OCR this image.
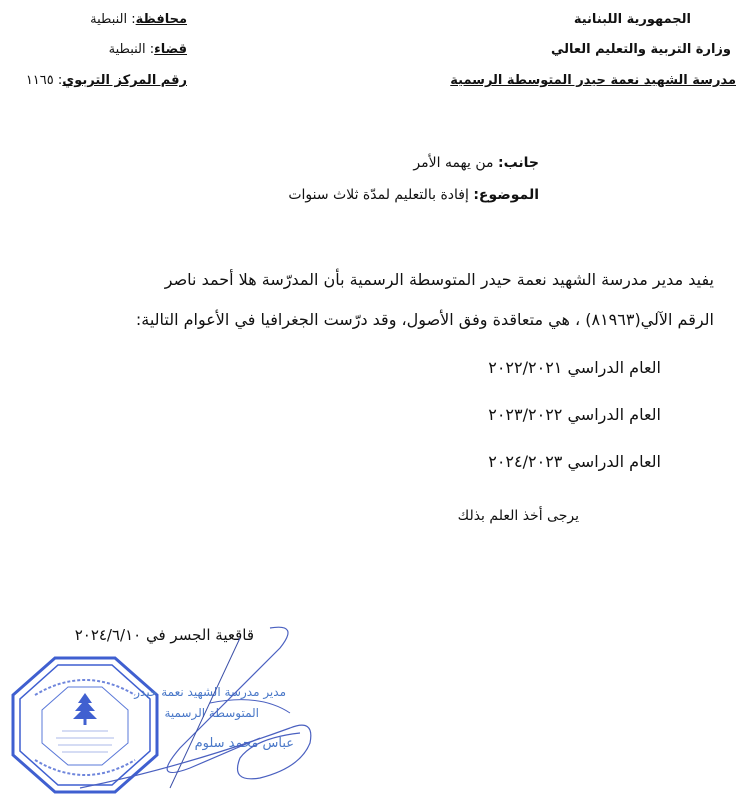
الجمهورية اللبنانية
وزارة التربية والتعليم العالي
مدرسة الشهيد نعمة حيدر المتوسطة الرسمية
محافظة: النبطية
قضاء: النبطية
رقم المركز التربوي: ١١٦٥
جانب: من يهمه الأمر
الموضوع: إفادة بالتعليم لمدّة ثلاث سنوات
يفيد مدير مدرسة الشهيد نعمة حيدر المتوسطة الرسمية بأن المدرّسة هلا أحمد ناصر
الرقم الآلي(٨١٩٦٣) ، هي متعاقدة وفق الأصول، وقد درّست الجغرافيا في الأعوام التالية:
العام الدراسي ٢٠٢٢/٢٠٢١
العام الدراسي ٢٠٢٣/٢٠٢٢
العام الدراسي ٢٠٢٤/٢٠٢٣
يرجى أخذ العلم بذلك
قاقعية الجسر في ٢٠٢٤/٦/١٠
مدير مدرسة الشهيد نعمة حيدر
المتوسطة الرسمية
عباس محمد سلوم
